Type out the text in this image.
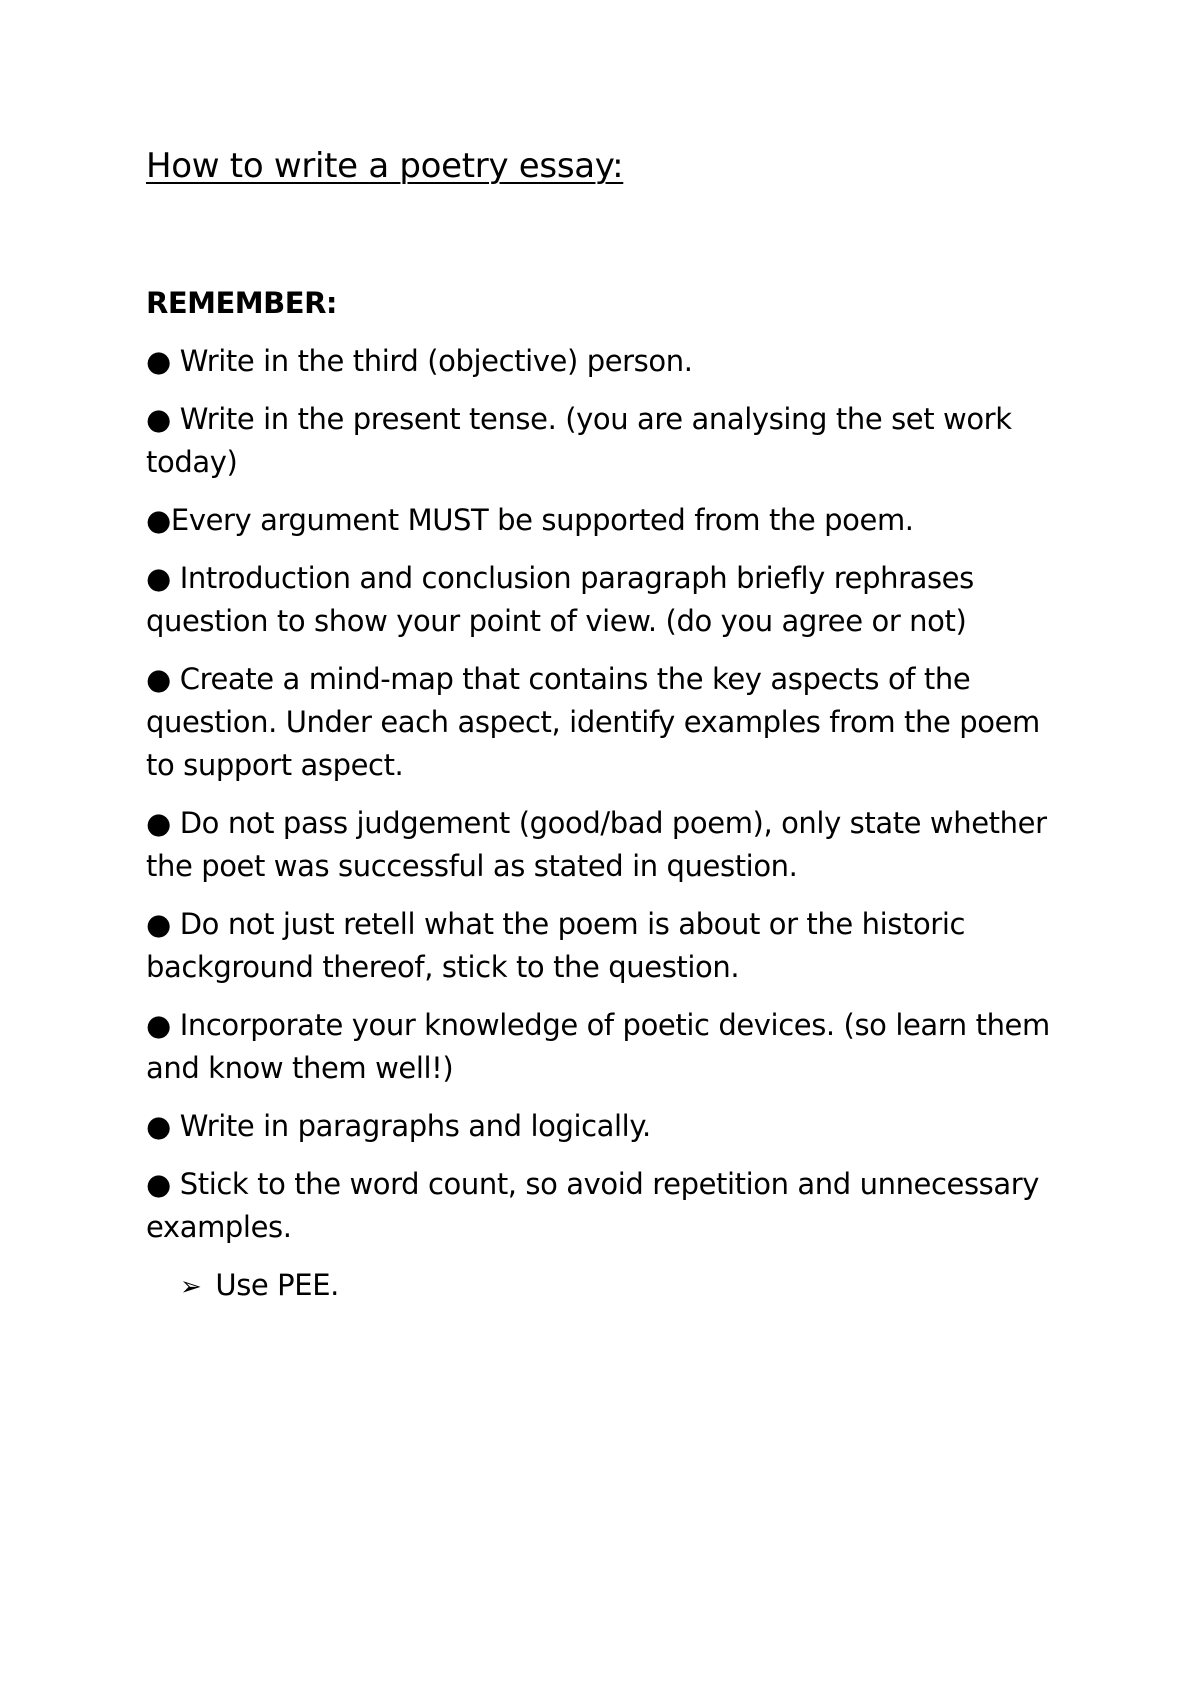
How to write a poetry essay:
REMEMBER:
● Write in the third (objective) person.
● Write in the present tense. (you are analysing the set work today)
●Every argument MUST be supported from the poem.
● Introduction and conclusion paragraph briefly rephrases question to show your point of view. (do you agree or not)
● Create a mind-map that contains the key aspects of the question. Under each aspect, identify examples from the poem to support aspect.
● Do not pass judgement (good/bad poem), only state whether the poet was successful as stated in question.
● Do not just retell what the poem is about or the historic background thereof, stick to the question.
● Incorporate your knowledge of poetic devices. (so learn them and know them well!)
● Write in paragraphs and logically.
● Stick to the word count, so avoid repetition and unnecessary examples.
➢ Use PEE.
